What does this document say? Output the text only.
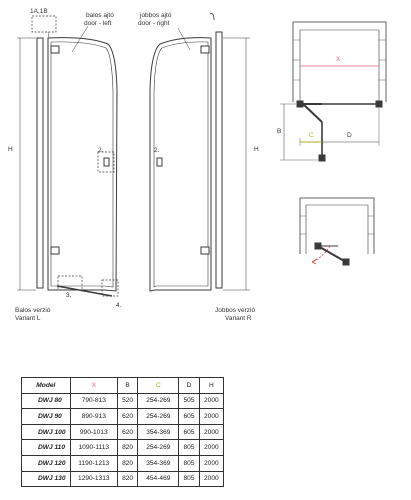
1A,1B
balos ajtó
door - left
H	2.
3.
4.
Balos verzió
Variant L
jobbos ajtó
door - right
H
2.
Jobbos verzió
Variant R
X
B
C	D
Model	X	B	C	D	H
DWJ 80	790-813	520	254-269	505	2000
DWJ 90	890-913	620	254-269	605	2000
DWJ 100	990-1013	620	354-369	605	2000
DWJ 110	1090-1113	820	254-269	805	2000
DWJ 120	1190-1213	820	354-369	805	2000
DWJ 130	1290-1313	820	454-469	805	2000
